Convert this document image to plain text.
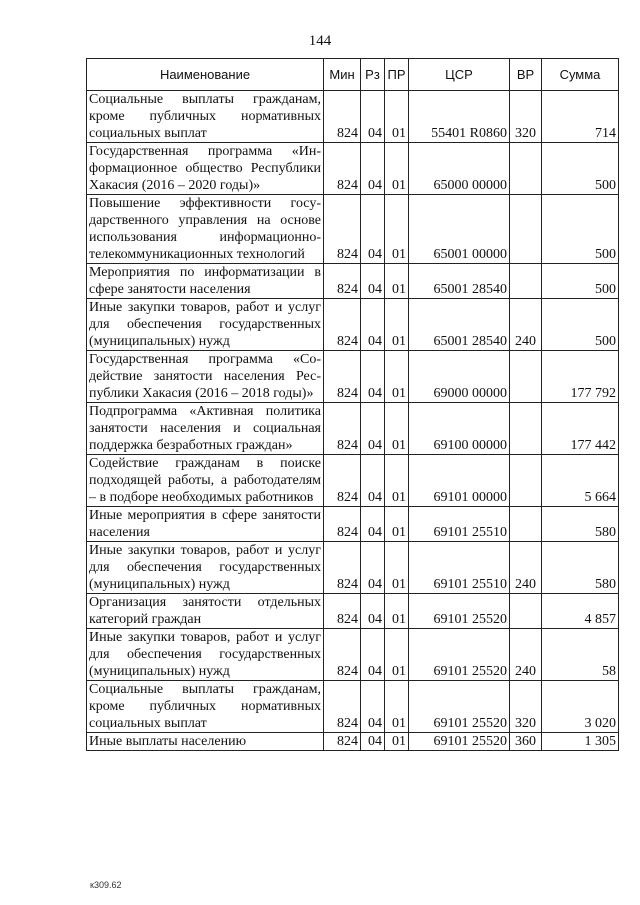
144
Наименование	Мин	Рз	ПР	ЦСР	ВР	Сумма
Социальные выплаты гражданам, кроме публичных нормативных социальных выплат	824	04	01	55401 R0860	320	714
Государственная программа «Информационное общество Республики Хакасия (2016 – 2020 годы)»	824	04	01	65000 00000		500
Повышение эффективности государственного управления на основе использования информационно-телекоммуникационных технологий	824	04	01	65001 00000		500
Мероприятия по информатизации в сфере занятости населения	824	04	01	65001 28540		500
Иные закупки товаров, работ и услуг для обеспечения государственных (муниципальных) нужд	824	04	01	65001 28540	240	500
Государственная программа «Содействие занятости населения Республики Хакасия (2016 – 2018 годы)»	824	04	01	69000 00000		177 792
Подпрограмма «Активная политика занятости населения и социальная поддержка безработных граждан»	824	04	01	69100 00000		177 442
Содействие гражданам в поиске подходящей работы, а работодателям – в подборе необходимых работников	824	04	01	69101 00000		5 664
Иные мероприятия в сфере занятости населения	824	04	01	69101 25510		580
Иные закупки товаров, работ и услуг для обеспечения государственных (муниципальных) нужд	824	04	01	69101 25510	240	580
Организация занятости отдельных категорий граждан	824	04	01	69101 25520		4 857
Иные закупки товаров, работ и услуг для обеспечения государственных (муниципальных) нужд	824	04	01	69101 25520	240	58
Социальные выплаты гражданам, кроме публичных нормативных социальных выплат	824	04	01	69101 25520	320	3 020
Иные выплаты населению	824	04	01	69101 25520	360	1 305
к309.62
